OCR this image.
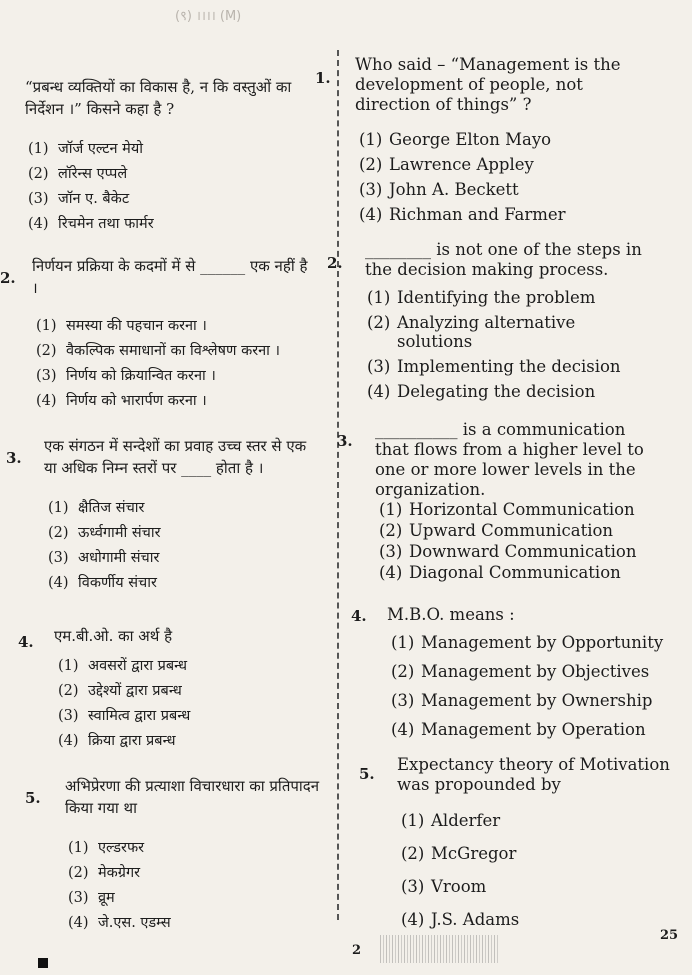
(९) ।।।। (M)
“प्रबन्ध व्यक्तियों का विकास है, न कि वस्तुओं का निर्देशन ।” किसने कहा है ?
(1) जॉर्ज एल्टन मेयो
(2) लॉरेन्स एप्पले
(3) जॉन ए. बैकेट
(4) रिचमेन तथा फार्मर
2.
निर्णयन प्रक्रिया के कदमों में से ______ एक नहीं है ।
(1) समस्या की पहचान करना ।
(2) वैकल्पिक समाधानों का विश्लेषण करना ।
(3) निर्णय को क्रियान्वित करना ।
(4) निर्णय को भारार्पण करना ।
3.
एक संगठन में सन्देशों का प्रवाह उच्च स्तर से एक या अधिक निम्न स्तरों पर ____ होता है ।
(1) क्षैतिज संचार
(2) ऊर्ध्वगामी संचार
(3) अधोगामी संचार
(4) विकर्णीय संचार
4. एम.बी.ओ. का अर्थ है
(1) अवसरों द्वारा प्रबन्ध
(2) उद्देश्यों द्वारा प्रबन्ध
(3) स्वामित्व द्वारा प्रबन्ध
(4) क्रिया द्वारा प्रबन्ध
5.
अभिप्रेरणा की प्रत्याशा विचारधारा का प्रतिपादन किया गया था
(1) एल्डरफर
(2) मेकग्रेगर
(3) व्रूम
(4) जे.एस. एडम्स
1.
Who said – “Management is the development of people, not direction of things” ?
(1) George Elton Mayo
(2) Lawrence Appley
(3) John A. Beckett
(4) Richman and Farmer
2.
________ is not one of the steps in the decision making process.
(1) Identifying the problem
(2) Analyzing alternative solutions
(3) Implementing the decision
(4) Delegating the decision
3.
__________ is a communication that flows from a higher level to one or more lower levels in the organization.
(1) Horizontal Communication
(2) Upward Communication
(3) Downward Communication
(4) Diagonal Communication
4. M.B.O. means :
(1) Management by Opportunity
(2) Management by Objectives
(3) Management by Ownership
(4) Management by Operation
5. Expectancy theory of Motivation was propounded by
(1) Alderfer
(2) McGregor
(3) Vroom
(4) J.S. Adams
2
25
